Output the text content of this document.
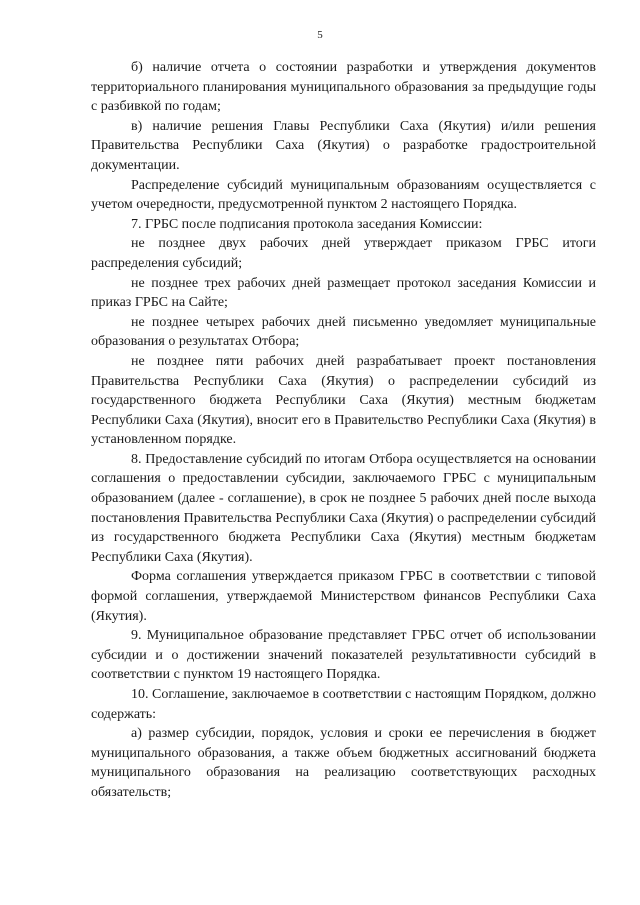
5

б) наличие отчета о состоянии разработки и утверждения документов территориального планирования муниципального образования за предыдущие годы с разбивкой по годам;

в) наличие решения Главы Республики Саха (Якутия) и/или решения Правительства Республики Саха (Якутия) о разработке градостроительной документации.

Распределение субсидий муниципальным образованиям осуществляется с учетом очередности, предусмотренной пунктом 2 настоящего Порядка.

7. ГРБС после подписания протокола заседания Комиссии:

не позднее двух рабочих дней утверждает приказом ГРБС итоги распределения субсидий;

не позднее трех рабочих дней размещает протокол заседания Комиссии и приказ ГРБС на Сайте;

не позднее четырех рабочих дней письменно уведомляет муниципальные образования о результатах Отбора;

не позднее пяти рабочих дней разрабатывает проект постановления Правительства Республики Саха (Якутия) о распределении субсидий из государственного бюджета Республики Саха (Якутия) местным бюджетам Республики Саха (Якутия), вносит его в Правительство Республики Саха (Якутия) в установленном порядке.

8. Предоставление субсидий по итогам Отбора осуществляется на основании соглашения о предоставлении субсидии, заключаемого ГРБС с муниципальным образованием (далее - соглашение), в срок не позднее 5 рабочих дней после выхода постановления Правительства Республики Саха (Якутия) о распределении субсидий из государственного бюджета Республики Саха (Якутия) местным бюджетам Республики Саха (Якутия).

Форма соглашения утверждается приказом ГРБС в соответствии с типовой формой соглашения, утверждаемой Министерством финансов Республики Саха (Якутия).

9. Муниципальное образование представляет ГРБС отчет об использовании субсидии и о достижении значений показателей результативности субсидий в соответствии с пунктом 19 настоящего Порядка.

10. Соглашение, заключаемое в соответствии с настоящим Порядком, должно содержать:

а) размер субсидии, порядок, условия и сроки ее перечисления в бюджет муниципального образования, а также объем бюджетных ассигнований бюджета муниципального образования на реализацию соответствующих расходных обязательств;
